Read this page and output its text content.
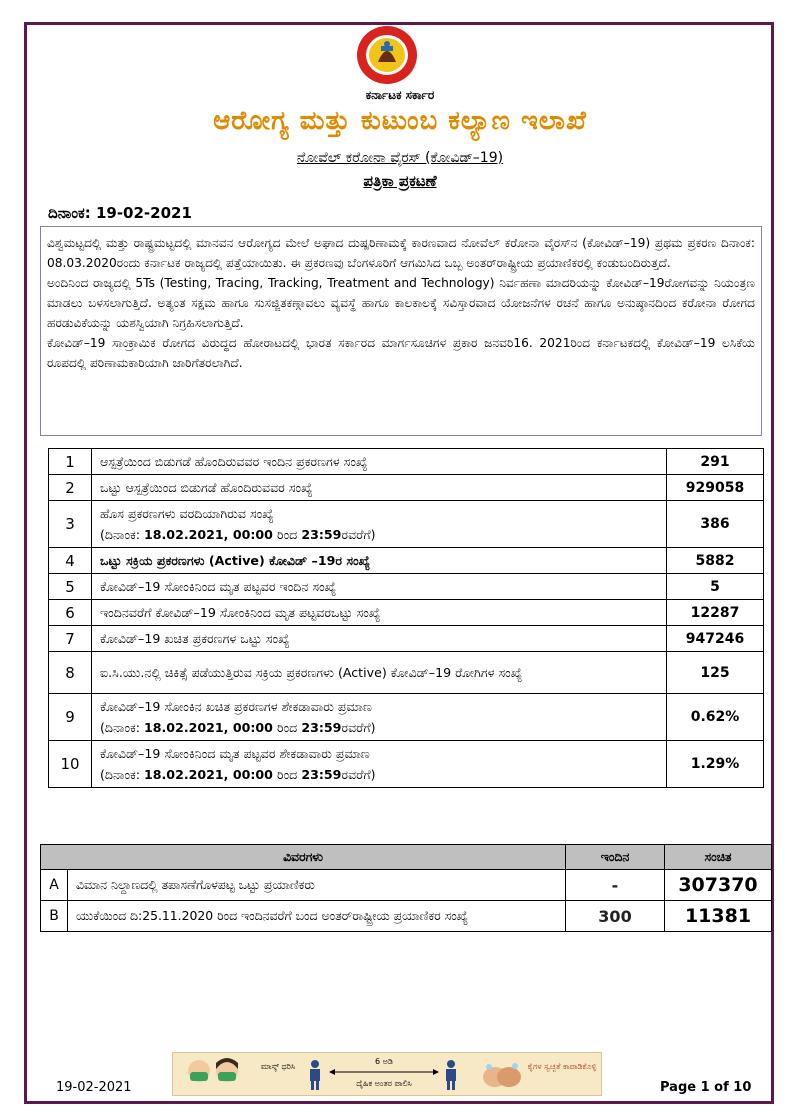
ಕರ್ನಾಟಕ ಸರ್ಕಾರ
ಆರೋಗ್ಯ ಮತ್ತು ಕುಟುಂಬ ಕಲ್ಯಾಣ ಇಲಾಖೆ
ನೋವೆಲ್ ಕರೋನಾ ವೈರಸ್ (ಕೋವಿಡ್–19)
ಪತ್ರಿಕಾ ಪ್ರಕಟಣೆ
ದಿನಾಂಕ: 19-02-2021

ವಿಶ್ವಮಟ್ಟದಲ್ಲಿ ಮತ್ತು ರಾಷ್ಟ್ರಮಟ್ಟದಲ್ಲಿ ಮಾನವನ ಆರೋಗ್ಯದ ಮೇಲೆ ಅಘಾದ ದುಷ್ಪರಿಣಾಮಕ್ಕೆ ಕಾರಣವಾದ ನೋವೆಲ್ ಕರೋನಾ ವೈರಸ್‌ನ (ಕೋವಿಡ್–19) ಪ್ರಥಮ ಪ್ರಕರಣ ದಿನಾಂಕ: 08.03.2020ರಂದು ಕರ್ನಾಟಕ ರಾಜ್ಯದಲ್ಲಿ ಪತ್ತೆಯಾಯಿತು. ಈ ಪ್ರಕರಣವು ಬೆಂಗಳೂರಿಗೆ ಆಗಮಿಸಿದ ಒಬ್ಬ ಅಂತರ್‌ರಾಷ್ಟ್ರೀಯ ಪ್ರಯಾಣಿಕರಲ್ಲಿ ಕಂಡುಬಂದಿರುತ್ತದೆ.

ಅಂದಿನಿಂದ ರಾಜ್ಯದಲ್ಲಿ 5Ts (Testing, Tracing, Tracking, Treatment and Technology) ನಿರ್ವಹಣಾ ಮಾದರಿಯನ್ನು ಕೋವಿಡ್–19ರೋಗವನ್ನು ನಿಯಂತ್ರಣ ಮಾಡಲು ಬಳಸಲಾಗುತ್ತಿದೆ. ಅತ್ಯಂತ ಸಕ್ಷಮ ಹಾಗೂ ಸುಸಜ್ಜಿತಕಣ್ಗಾವಲು ವ್ಯವಸ್ಥೆ ಹಾಗೂ ಕಾಲಕಾಲಕ್ಕೆ ಸವಿಸ್ತಾರವಾದ ಯೋಜನೆಗಳ ರಚನೆ ಹಾಗೂ ಅನುಷ್ಠಾನದಿಂದ ಕರೋನಾ ರೋಗದ ಹರಡುವಿಕೆಯನ್ನು ಯಶಸ್ವಿಯಾಗಿ ನಿಗ್ರಹಿಸಲಾಗುತ್ತಿದೆ.

ಕೋವಿಡ್–19 ಸಾಂಕ್ರಾಮಿಕ ರೋಗದ ವಿರುದ್ಧದ ಹೋರಾಟದಲ್ಲಿ ಭಾರತ ಸರ್ಕಾರದ ಮಾರ್ಗಸೂಚಿಗಳ ಪ್ರಕಾರ ಜನವರಿ16. 2021ರಿಂದ ಕರ್ನಾಟಕದಲ್ಲಿ ಕೋವಿಡ್–19 ಲಸಿಕೆಯ ರೂಪದಲ್ಲಿ ಪರಿಣಾಮಕಾರಿಯಾಗಿ ಜಾರಿಗೆತರಲಾಗಿದೆ.

1	ಆಸ್ಪತ್ರೆಯಿಂದ ಬಿಡುಗಡೆ ಹೊಂದಿರುವವರ ಇಂದಿನ ಪ್ರಕರಣಗಳ ಸಂಖ್ಯೆ	291
2	ಒಟ್ಟು ಆಸ್ಪತ್ರೆಯಿಂದ ಬಿಡುಗಡೆ ಹೊಂದಿರುವವರ ಸಂಖ್ಯೆ	929058
3	ಹೊಸ ಪ್ರಕರಣಗಳು ವರದಿಯಾಗಿರುವ ಸಂಖ್ಯೆ
(ದಿನಾಂಕ: 18.02.2021, 00:00 ರಿಂದ 23:59ರವರೆಗೆ)	386
4	ಒಟ್ಟು ಸಕ್ರಿಯ ಪ್ರಕರಣಗಳು (Active) ಕೋವಿಡ್ –19ರ ಸಂಖ್ಯೆ	5882
5	ಕೋವಿಡ್–19 ಸೋಂಕಿನಿಂದ ಮೃತ ಪಟ್ಟವರ ಇಂದಿನ ಸಂಖ್ಯೆ	5
6	ಇಂದಿನವರೆಗೆ ಕೋವಿಡ್–19 ಸೋಂಕಿನಿಂದ ಮೃತ ಪಟ್ಟವರಒಟ್ಟು ಸಂಖ್ಯೆ	12287
7	ಕೋವಿಡ್–19 ಖಚಿತ ಪ್ರಕರಣಗಳ ಒಟ್ಟು ಸಂಖ್ಯೆ	947246
8	ಐ.ಸಿ.ಯು.ನಲ್ಲಿ ಚಿಕಿತ್ಸೆ ಪಡೆಯುತ್ತಿರುವ ಸಕ್ರಿಯ ಪ್ರಕರಣಗಳು (Active) ಕೋವಿಡ್–19 ರೋಗಿಗಳ ಸಂಖ್ಯೆ	125
9	ಕೋವಿಡ್–19 ಸೋಂಕಿನ ಖಚಿತ ಪ್ರಕರಣಗಳ ಶೇಕಡಾವಾರು ಪ್ರಮಾಣ
(ದಿನಾಂಕ: 18.02.2021, 00:00 ರಿಂದ 23:59ರವರೆಗೆ)	0.62%
10	ಕೋವಿಡ್–19 ಸೋಂಕಿನಿಂದ ಮೃತ ಪಟ್ಟವರ ಶೇಕಡಾವಾರು ಪ್ರಮಾಣ
(ದಿನಾಂಕ: 18.02.2021, 00:00 ರಿಂದ 23:59ರವರೆಗೆ)	1.29%
ವಿವರಗಳು		ಇಂದಿನ	ಸಂಚಿತ
A	ವಿಮಾನ ನಿಲ್ದಾಣದಲ್ಲಿ ತಪಾಸಣೆಗೊಳಪಟ್ಟ ಒಟ್ಟು ಪ್ರಯಾಣಿಕರು	-	307370
B	ಯುಕೆಯಿಂದ ದಿ:25.11.2020 ರಿಂದ ಇಂದಿನವರೆಗೆ ಬಂದ ಅಂತರ್‌ರಾಷ್ಟ್ರೀಯ ಪ್ರಯಾಣಿಕರ ಸಂಖ್ಯೆ	300	11381
ಮಾಸ್ಕ್ ಧರಿಸಿ
6 ಅಡಿ
ದೈಹಿಕ ಅಂತರ ಪಾಲಿಸಿ
ಕೈಗಳ ಸ್ವಚ್ಛತೆ ಕಾಪಾಡಿಕೊಳ್ಳಿ
19-02-2021	Page 1 of 10
